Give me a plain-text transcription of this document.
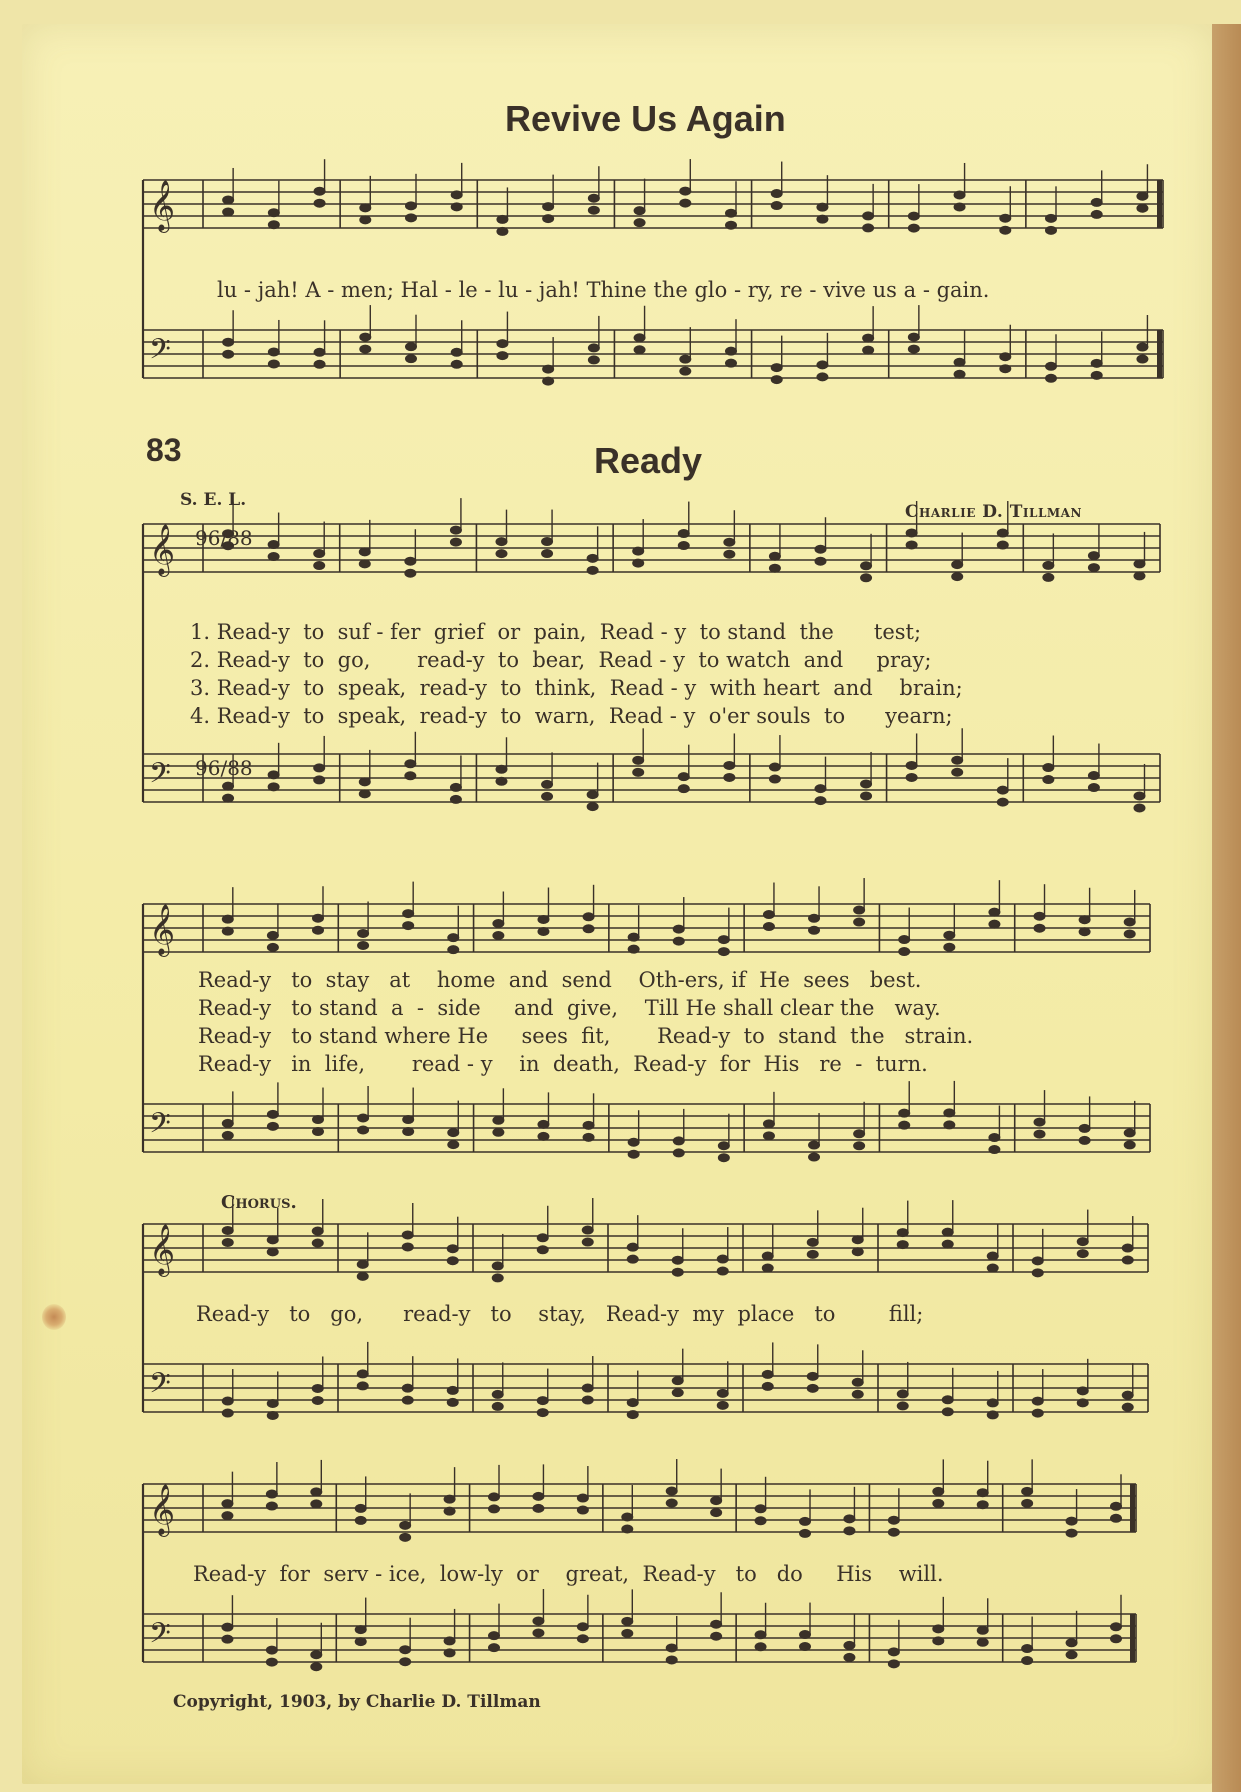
Revive Us Again
𝄞
𝄢
𝄞
𝄢
𝄞
𝄢
𝄞
𝄢
𝄞
𝄢
96/88
96/88
lu - jah! A - men; Hal - le - lu - jah! Thine the glo - ry, re - vive us a - gain.
83	Ready
S. E. L.
Charlie D. Tillman
1. Read-y  to  suf - fer  grief  or  pain,  Read - y  to stand  the      test;
2. Read-y  to  go,       read-y  to  bear,  Read - y  to watch  and     pray;
3. Read-y  to  speak,  read-y  to  think,  Read - y  with heart  and    brain;
4. Read-y  to  speak,  read-y  to  warn,  Read - y  o'er souls  to      yearn;
Read-y   to  stay   at    home  and  send    Oth-ers, if  He  sees   best.
Read-y   to stand  a  -  side     and  give,    Till He shall clear the   way.
Read-y   to stand where He     sees  fit,       Read-y  to  stand  the   strain.
Read-y   in  life,       read - y    in  death,  Read-y  for  His   re  -  turn.
Chorus.
Read-y   to   go,      read-y   to    stay,   Read-y  my  place   to        fill;
Read-y  for  serv - ice,  low-ly  or    great,  Read-y   to   do     His    will.
Copyright, 1903, by Charlie D. Tillman
